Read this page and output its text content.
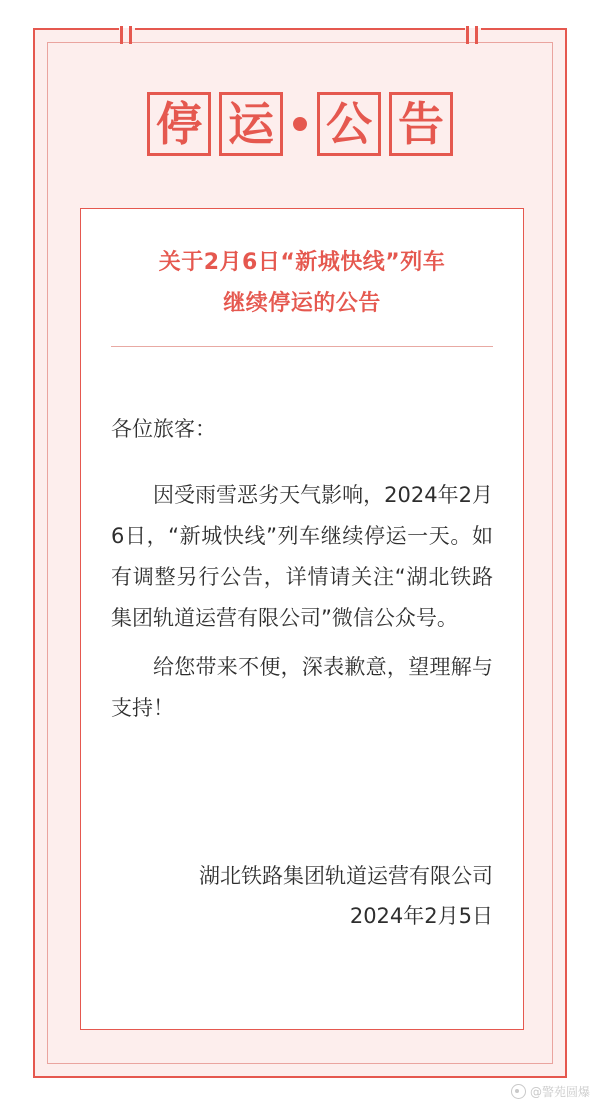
停 运 公 告
关于2月6日“新城快线”列车
继续停运的公告
各位旅客：
因受雨雪恶劣天气影响，2024年2月6日，“新城快线”列车继续停运一天。如有调整另行公告，详情请关注“湖北铁路集团轨道运营有限公司”微信公众号。
给您带来不便，深表歉意，望理解与支持！
湖北铁路集团轨道运营有限公司
2024年2月5日
@警苑圆爆
